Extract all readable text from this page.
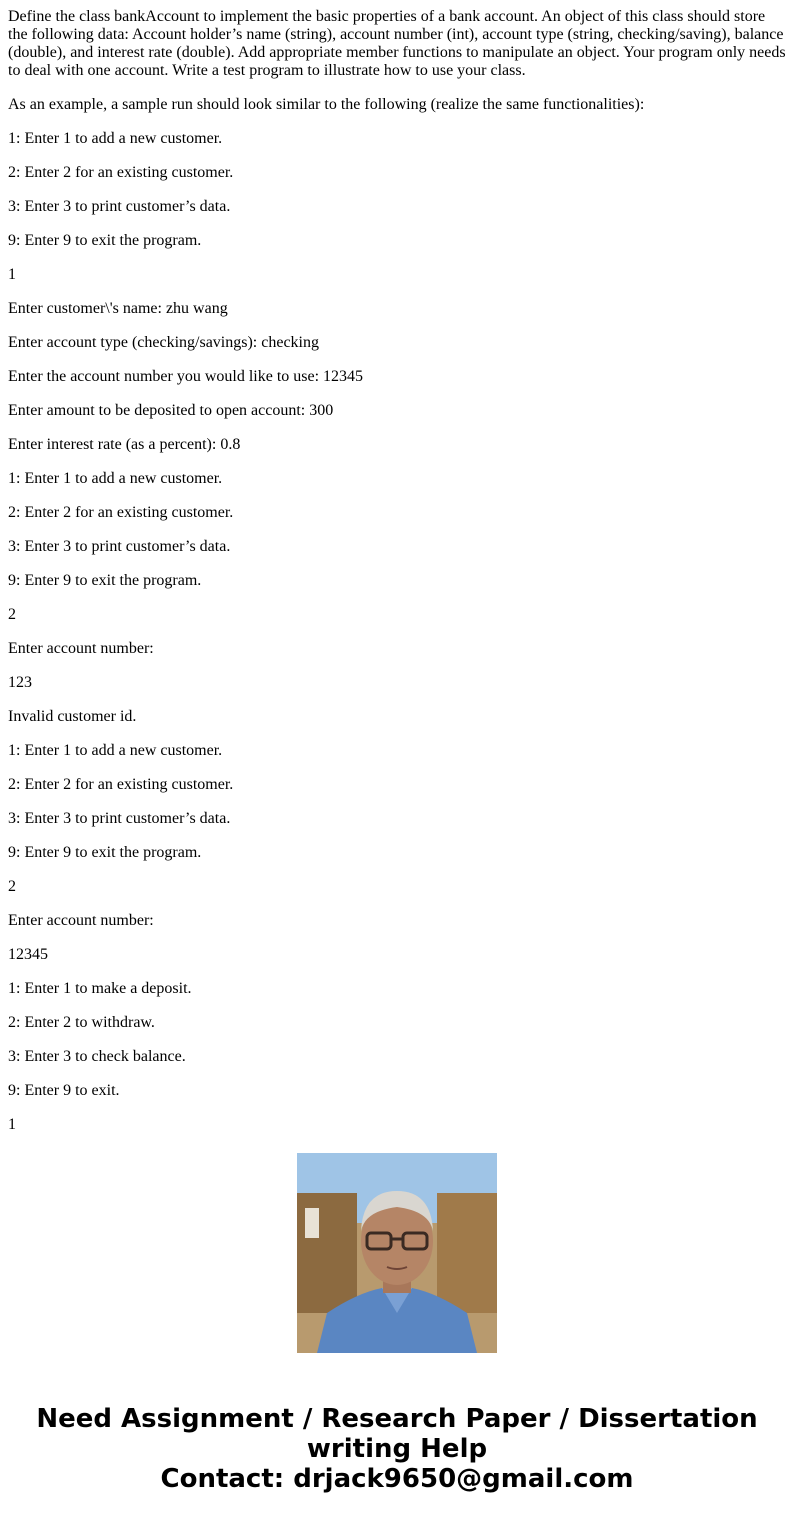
Define the class bankAccount to implement the basic properties of a bank account. An object of this class should store the following data: Account holder’s name (string), account number (int), account type (string, checking/saving), balance (double), and interest rate (double). Add appropriate member functions to manipulate an object. Your program only needs to deal with one account. Write a test program to illustrate how to use your class.

As an example, a sample run should look similar to the following (realize the same functionalities):

1: Enter 1 to add a new customer.

2: Enter 2 for an existing customer.

3: Enter 3 to print customer’s data.

9: Enter 9 to exit the program.

1

Enter customer\'s name: zhu wang

Enter account type (checking/savings): checking

Enter the account number you would like to use: 12345

Enter amount to be deposited to open account: 300

Enter interest rate (as a percent): 0.8

1: Enter 1 to add a new customer.

2: Enter 2 for an existing customer.

3: Enter 3 to print customer’s data.

9: Enter 9 to exit the program.

2

Enter account number:

123

Invalid customer id.

1: Enter 1 to add a new customer.

2: Enter 2 for an existing customer.

3: Enter 3 to print customer’s data.

9: Enter 9 to exit the program.

2

Enter account number:

12345

1: Enter 1 to make a deposit.

2: Enter 2 to withdraw.

3: Enter 3 to check balance.

9: Enter 9 to exit.

1

Need Assignment / Research Paper / Dissertation
writing Help
Contact: drjack9650@gmail.com
